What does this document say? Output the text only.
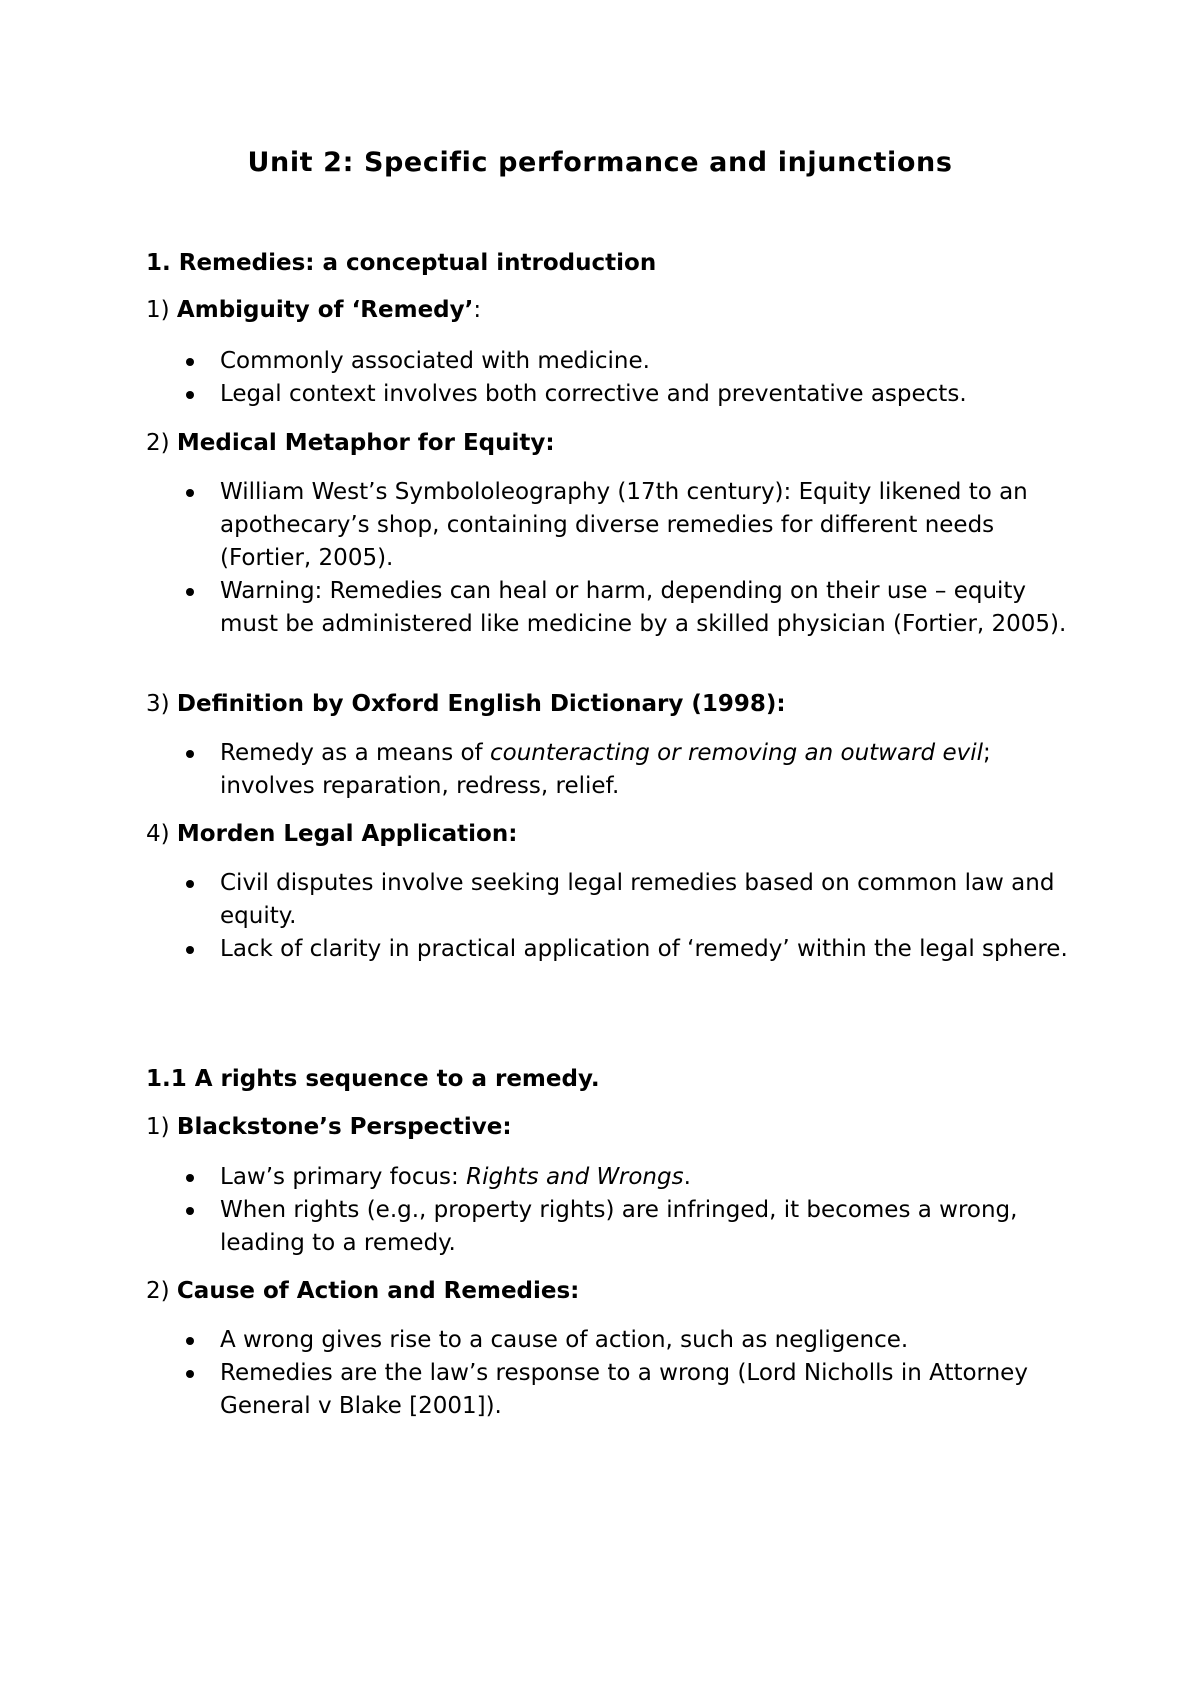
Unit 2: Specific performance and injunctions
1. Remedies: a conceptual introduction
1) Ambiguity of ‘Remedy’:
Commonly associated with medicine.
Legal context involves both corrective and preventative aspects.
2) Medical Metaphor for Equity:
William West’s Symbololeography (17th century): Equity likened to an apothecary’s shop, containing diverse remedies for different needs (Fortier, 2005).
Warning: Remedies can heal or harm, depending on their use – equity must be administered like medicine by a skilled physician (Fortier, 2005).
3) Definition by Oxford English Dictionary (1998):
Remedy as a means of counteracting or removing an outward evil; involves reparation, redress, relief.
4) Morden Legal Application:
Civil disputes involve seeking legal remedies based on common law and equity.
Lack of clarity in practical application of ‘remedy’ within the legal sphere.
1.1 A rights sequence to a remedy.
1) Blackstone’s Perspective:
Law’s primary focus: Rights and Wrongs.
When rights (e.g., property rights) are infringed, it becomes a wrong, leading to a remedy.
2) Cause of Action and Remedies:
A wrong gives rise to a cause of action, such as negligence.
Remedies are the law’s response to a wrong (Lord Nicholls in Attorney General v Blake [2001]).
